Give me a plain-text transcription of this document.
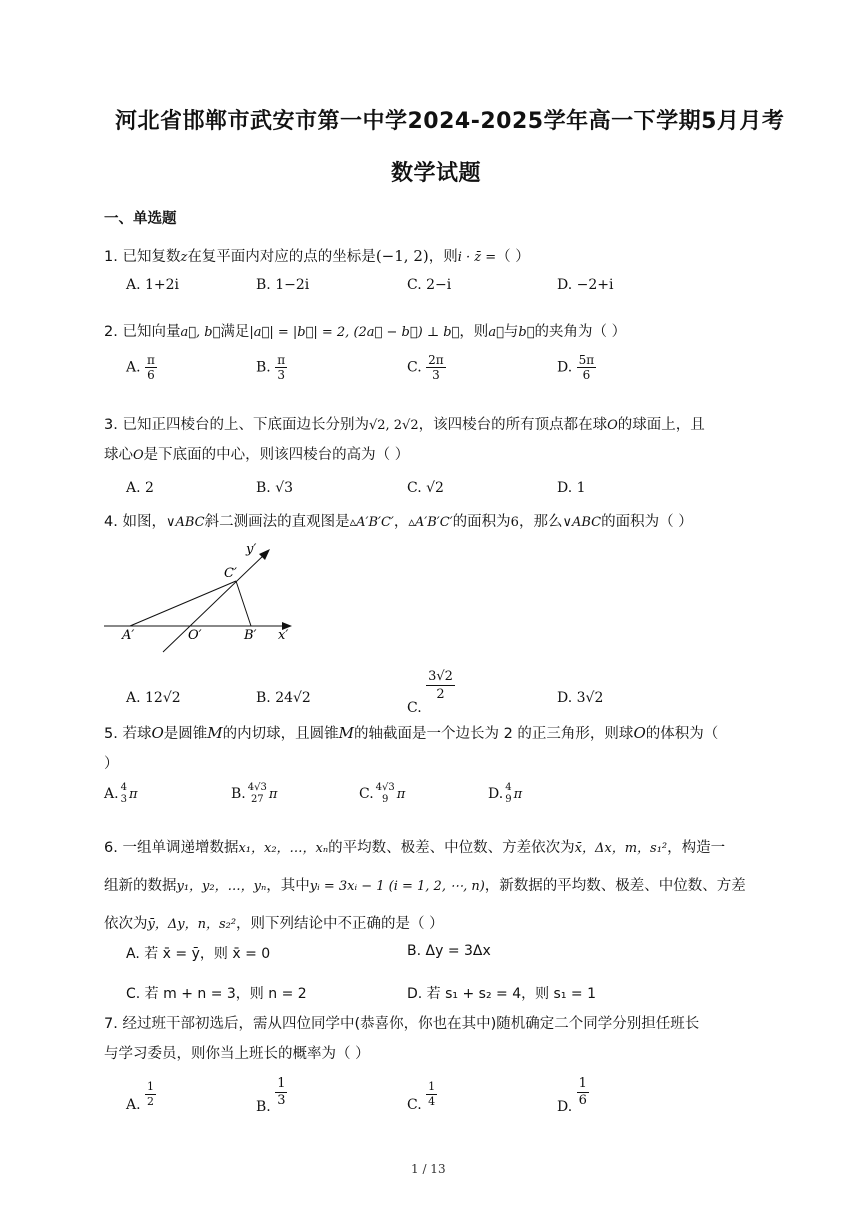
河北省邯郸市武安市第一中学2024-2025学年高一下学期5月月考
数学试题
一、单选题
1. 已知复数z在复平面内对应的点的坐标是(−1, 2)，则i · z̄ =（ ）
A. 1+2i	B. 1−2i	C. 2−i	D. −2+i
2. 已知向量a⃗, b⃗满足|a⃗| = |b⃗| = 2, (2a⃗ − b⃗) ⊥ b⃗，则a⃗与b⃗的夹角为（ ）
A. $\frac{\pi}{6}$	B. $\frac{\pi}{3}$	C. $\frac{2\pi}{3}$	D. $\frac{5\pi}{6}$
3. 已知正四棱台的上、下底面边长分别为√2, 2√2，该四棱台的所有顶点都在球O的球面上，且
球心O是下底面的中心，则该四棱台的高为（ ）
A. 2	B. √3	C. √2	D. 1
4. 如图，∨ABC斜二测画法的直观图是▵A′B′C′，▵A′B′C′的面积为6，那么∨ABC的面积为（ ）
y′
C′
A′	O′	B′ x′
A. 12√2	B. 24√2
C.
$\frac{3√2}{2}$	D. 3√2
5. 若球O是圆锥M的内切球，且圆锥M的轴截面是一个边长为 2 的正三角形，则球O的体积为（
）
A. 4
3 π	B. 4√3
27 π	C. 4√3
9 π	D. 4
9 π
6. 一组单调递增数据x₁，x₂，…，xₙ的平均数、极差、中位数、方差依次为x̄，Δx，m，s₁²，构造一
组新的数据y₁，y₂，…，yₙ，其中yᵢ = 3xᵢ − 1 (i = 1, 2, ⋯, n)，新数据的平均数、极差、中位数、方差
依次为ȳ，Δy，n，s₂²，则下列结论中不正确的是（ ）
A. 若 x̄ = ȳ，则 x̄ = 0	B. Δy = 3Δx
C. 若 m + n = 3，则 n = 2	D. 若 s₁ + s₂ = 4，则 s₁ = 1
7. 经过班干部初选后，需从四位同学中(恭喜你，你也在其中)随机确定二个同学分别担任班长
与学习委员，则你当上班长的概率为（ ）
A. $\frac{1}{2}$	B. $\frac{1}{3}$	C. $\frac{1}{4}$	D. $\frac{1}{6}$
1 / 13
